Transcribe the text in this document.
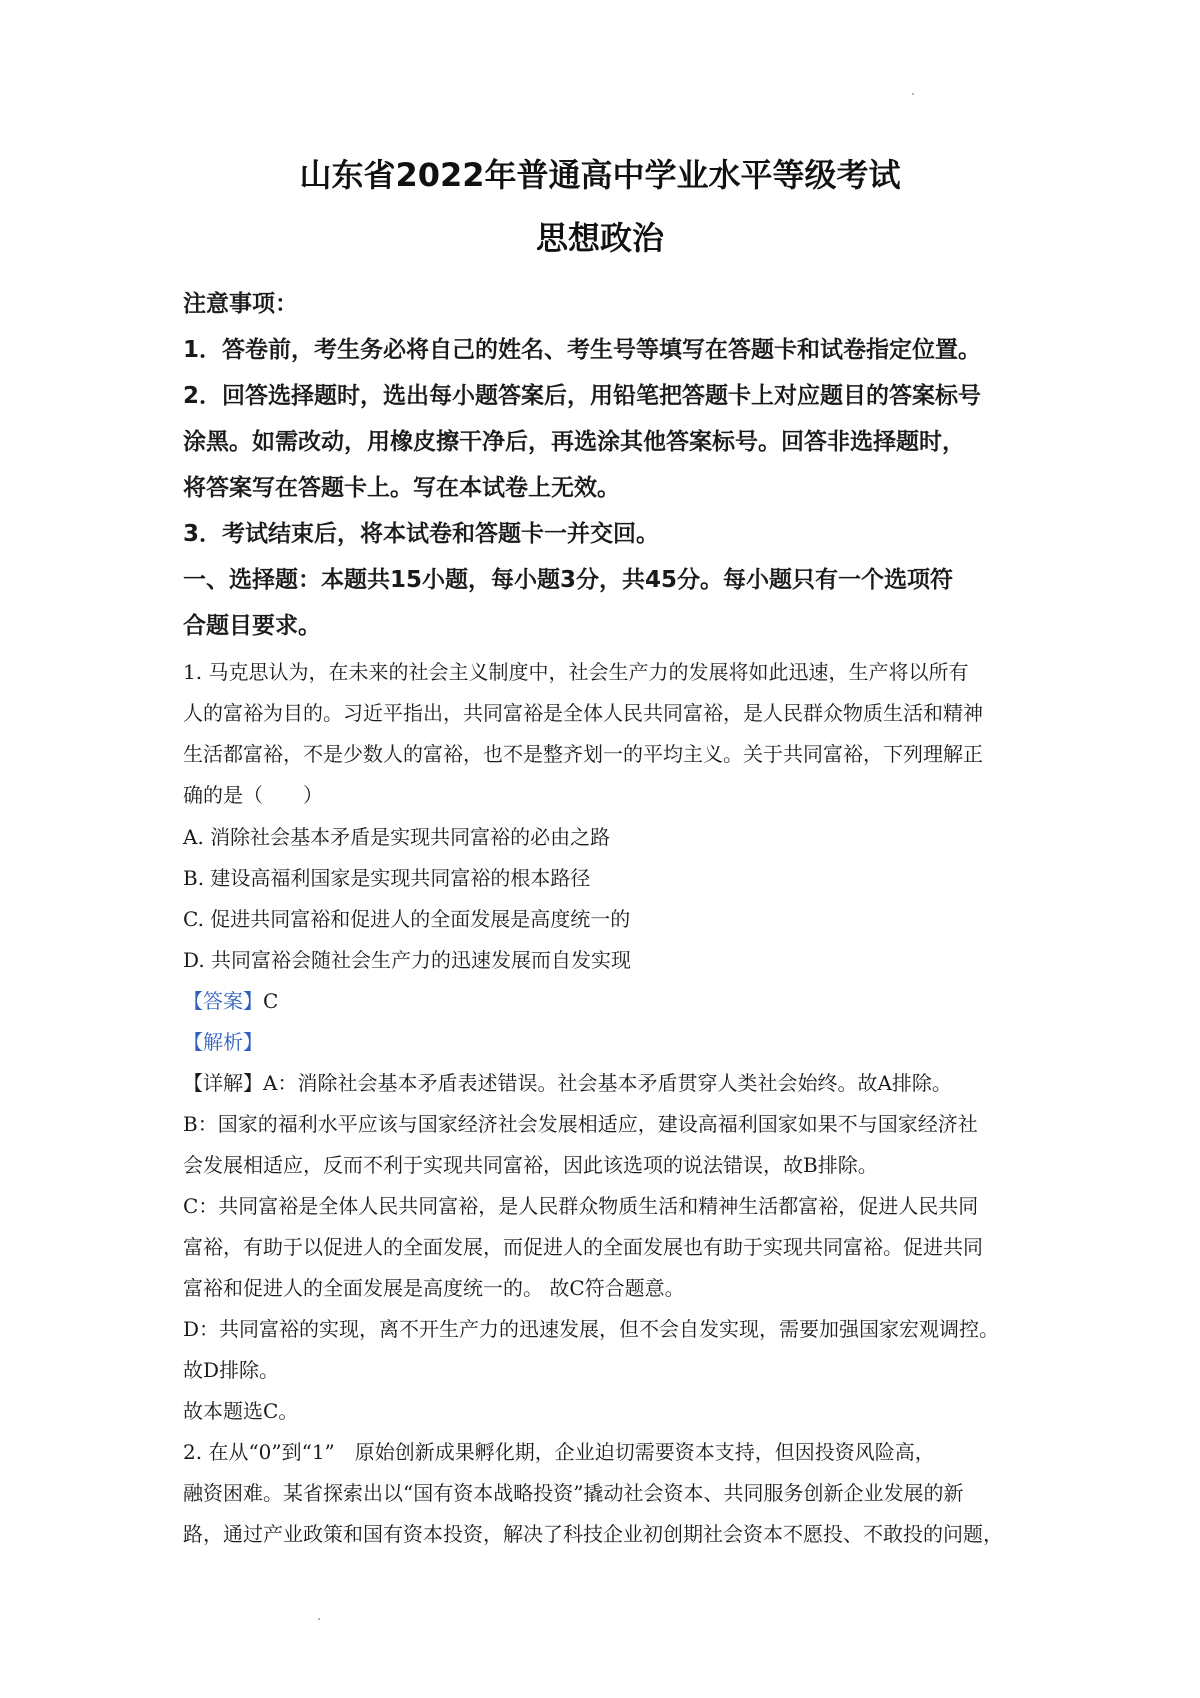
山东省2022年普通高中学业水平等级考试
思想政治
注意事项：
1．答卷前，考生务必将自己的姓名、考生号等填写在答题卡和试卷指定位置。
2．回答选择题时，选出每小题答案后，用铅笔把答题卡上对应题目的答案标号
涂黑。如需改动，用橡皮擦干净后，再选涂其他答案标号。回答非选择题时，
将答案写在答题卡上。写在本试卷上无效。
3．考试结束后，将本试卷和答题卡一并交回。
一、选择题：本题共15小题，每小题3分，共45分。每小题只有一个选项符
合题目要求。
1. 马克思认为，在未来的社会主义制度中，社会生产力的发展将如此迅速，生产将以所有
人的富裕为目的。习近平指出，共同富裕是全体人民共同富裕，是人民群众物质生活和精神
生活都富裕，不是少数人的富裕，也不是整齐划一的平均主义。关于共同富裕，下列理解正
确的是（　　）
A. 消除社会基本矛盾是实现共同富裕的必由之路
B. 建设高福利国家是实现共同富裕的根本路径
C. 促进共同富裕和促进人的全面发展是高度统一的
D. 共同富裕会随社会生产力的迅速发展而自发实现
【答案】C
【解析】
【详解】A：消除社会基本矛盾表述错误。社会基本矛盾贯穿人类社会始终。故A排除。
B：国家的福利水平应该与国家经济社会发展相适应，建设高福利国家如果不与国家经济社
会发展相适应，反而不利于实现共同富裕，因此该选项的说法错误，故B排除。
C：共同富裕是全体人民共同富裕，是人民群众物质生活和精神生活都富裕，促进人民共同
富裕，有助于以促进人的全面发展，而促进人的全面发展也有助于实现共同富裕。促进共同
富裕和促进人的全面发展是高度统一的。 故C符合题意。
D：共同富裕的实现，离不开生产力的迅速发展，但不会自发实现，需要加强国家宏观调控。
故D排除。
故本题选C。
2. 在从“0”到“1”　原始创新成果孵化期，企业迫切需要资本支持，但因投资风险高，
融资困难。某省探索出以“国有资本战略投资”撬动社会资本、共同服务创新企业发展的新
路，通过产业政策和国有资本投资，解决了科技企业初创期社会资本不愿投、不敢投的问题，
